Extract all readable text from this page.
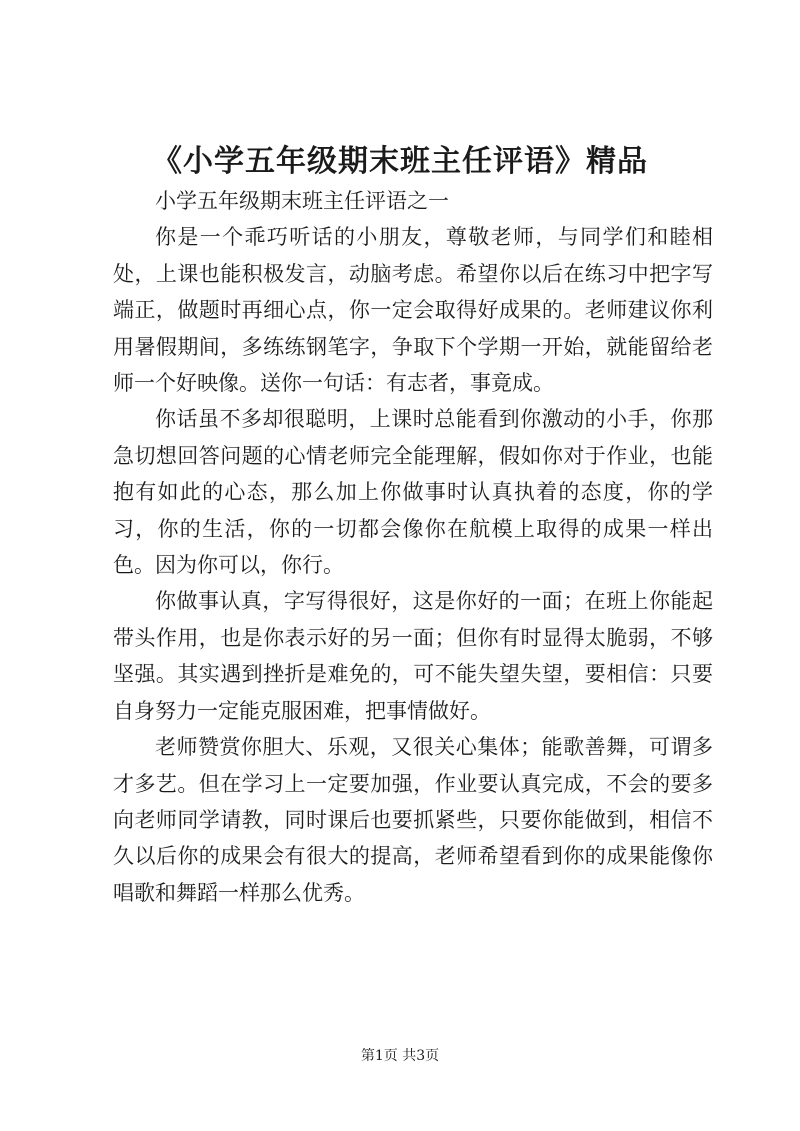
《小学五年级期末班主任评语》精品

小学五年级期末班主任评语之一

你是一个乖巧听话的小朋友，尊敬老师，与同学们和睦相处，上课也能积极发言，动脑考虑。希望你以后在练习中把字写端正，做题时再细心点，你一定会取得好成果的。老师建议你利用暑假期间，多练练钢笔字，争取下个学期一开始，就能留给老师一个好映像。送你一句话：有志者，事竟成。

你话虽不多却很聪明，上课时总能看到你激动的小手，你那急切想回答问题的心情老师完全能理解，假如你对于作业，也能抱有如此的心态，那么加上你做事时认真执着的态度，你的学习，你的生活，你的一切都会像你在航模上取得的成果一样出色。因为你可以，你行。

你做事认真，字写得很好，这是你好的一面；在班上你能起带头作用，也是你表示好的另一面；但你有时显得太脆弱，不够坚强。其实遇到挫折是难免的，可不能失望失望，要相信：只要自身努力一定能克服困难，把事情做好。

老师赞赏你胆大、乐观，又很关心集体；能歌善舞，可谓多才多艺。但在学习上一定要加强，作业要认真完成，不会的要多向老师同学请教，同时课后也要抓紧些，只要你能做到，相信不久以后你的成果会有很大的提高，老师希望看到你的成果能像你唱歌和舞蹈一样那么优秀。

第1页 共3页
